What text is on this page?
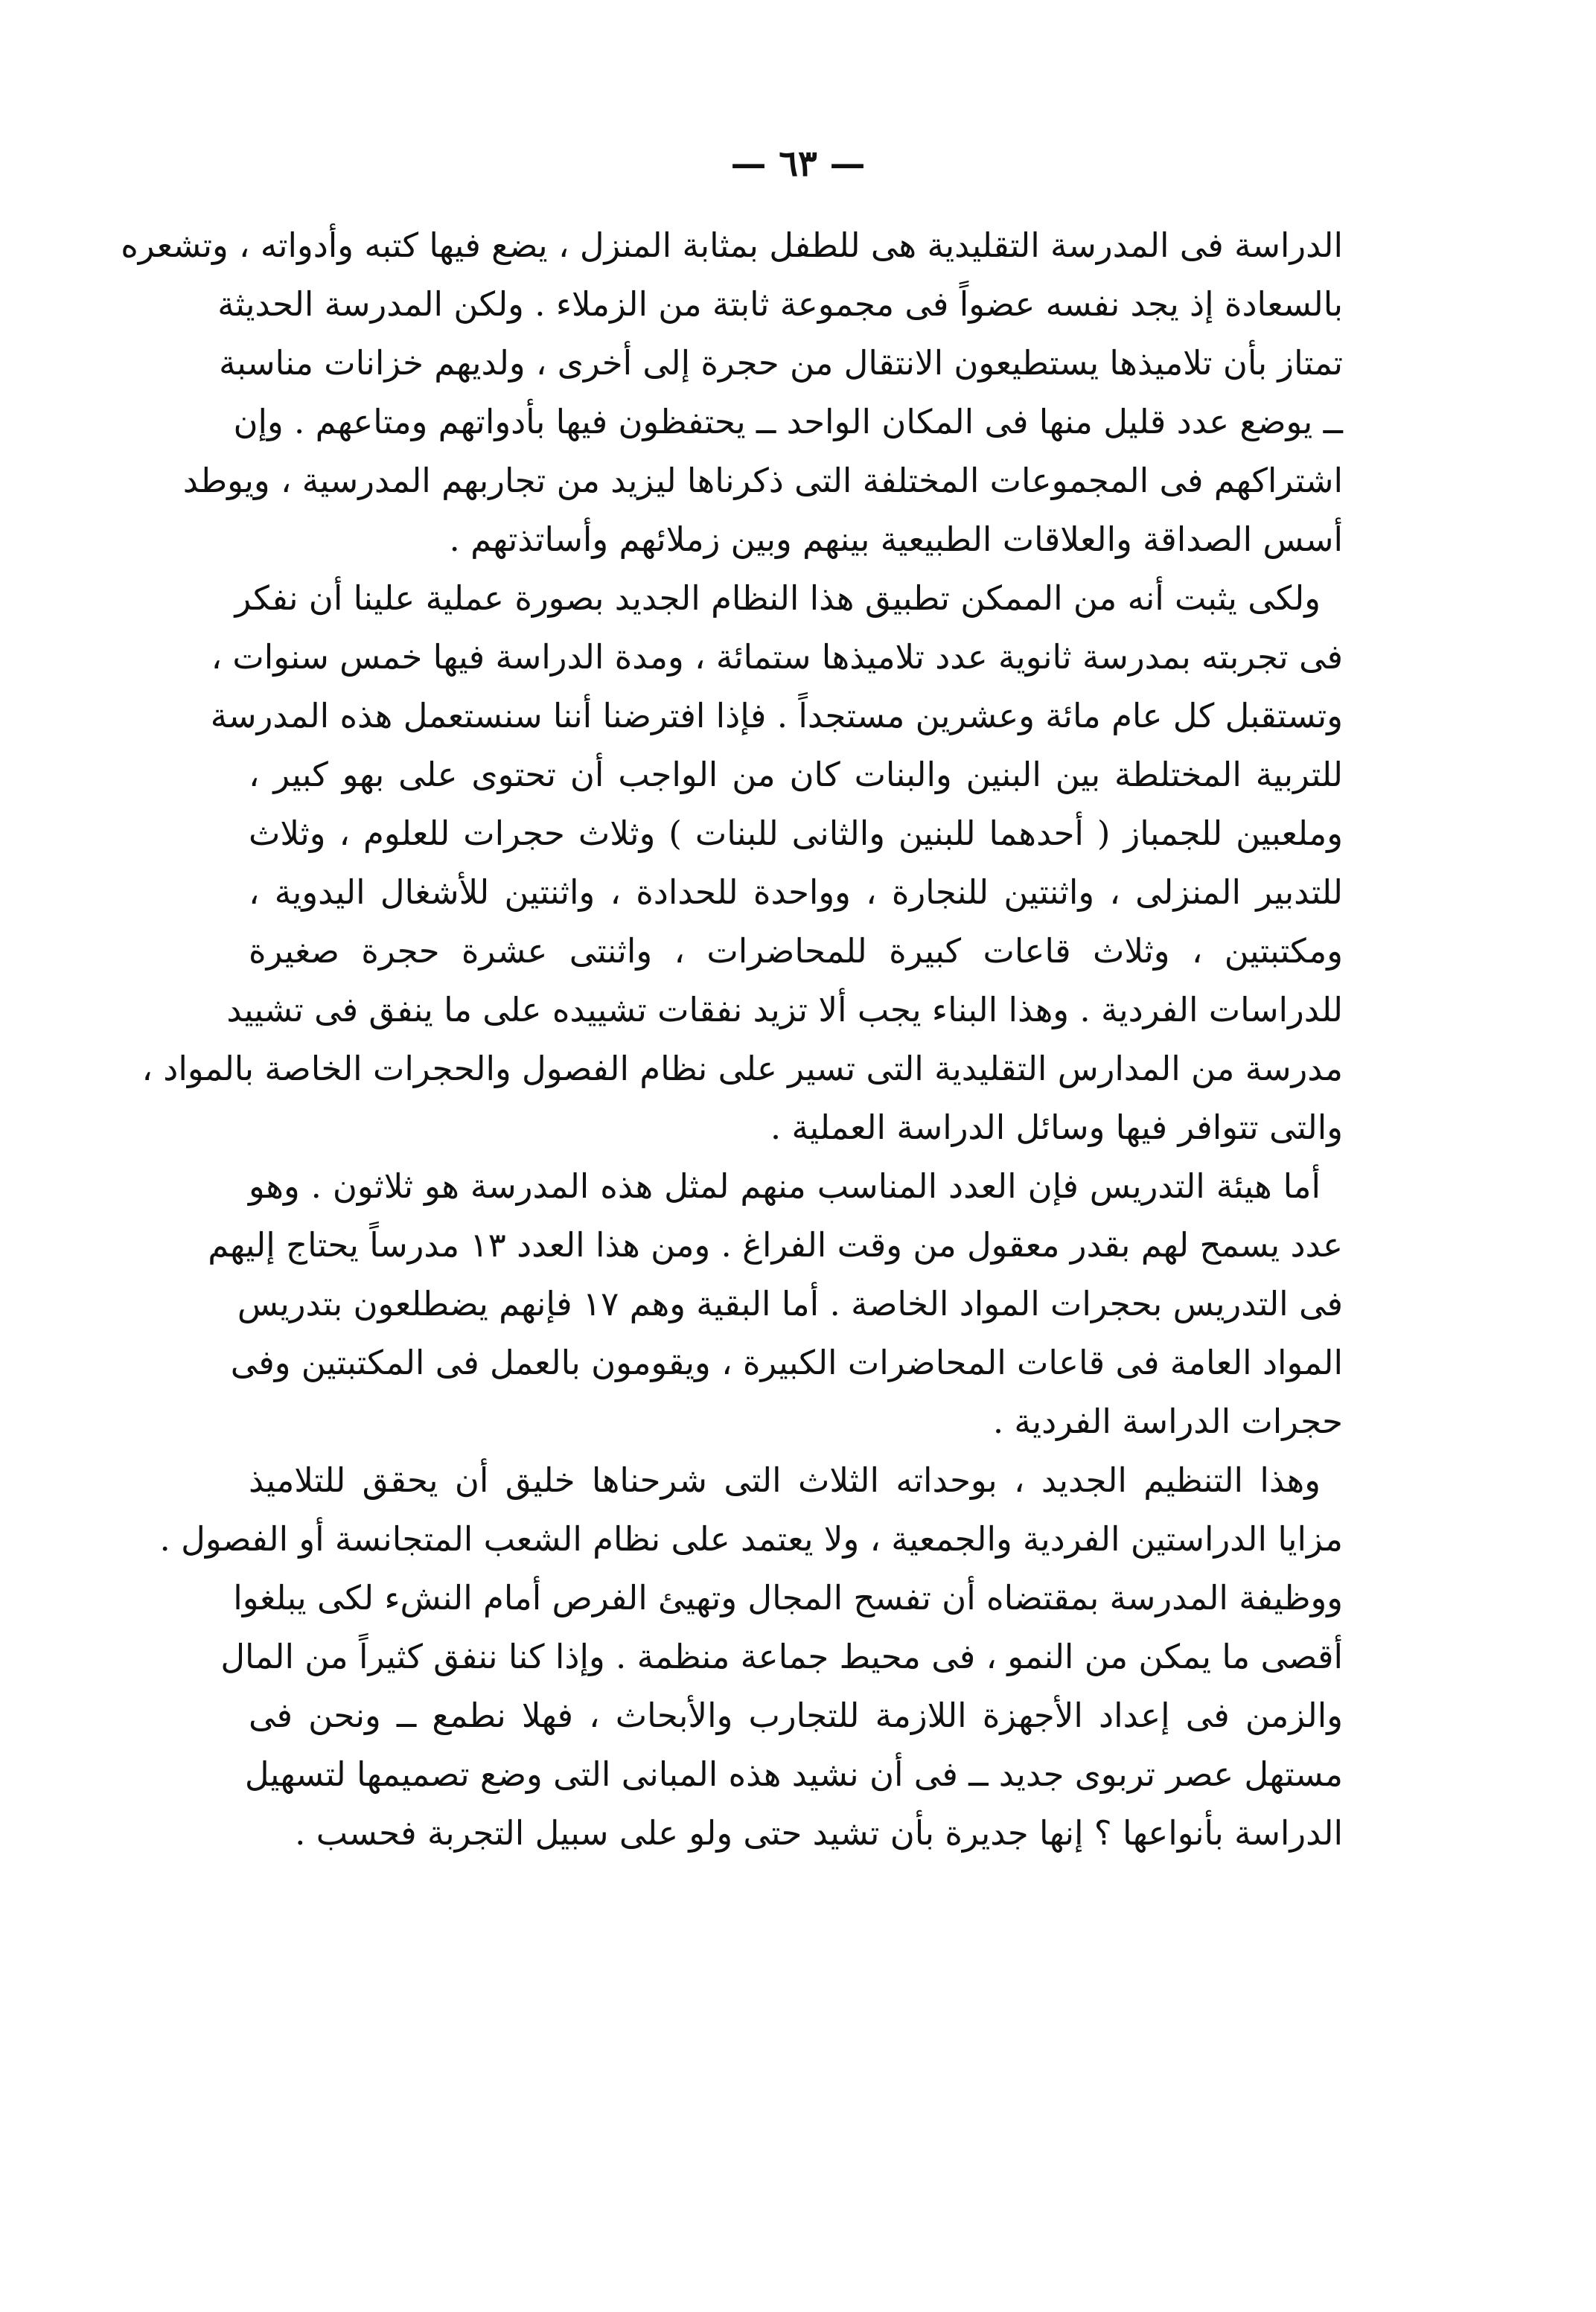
— ٦٣ —
الدراسة فى المدرسة التقليدية هى للطفل بمثابة المنزل ، يضع فيها كتبه وأدواته ، وتشعره
بالسعادة إذ يجد نفسه عضواً فى مجموعة ثابتة من الزملاء . ولكن المدرسة الحديثة
تمتاز بأن تلاميذها يستطيعون الانتقال من حجرة إلى أخرى ، ولديهم خزانات مناسبة
ــ يوضع عدد قليل منها فى المكان الواحد ــ يحتفظون فيها بأدواتهم ومتاعهم . وإن
اشتراكهم فى المجموعات المختلفة التى ذكرناها ليزيد من تجاربهم المدرسية ، ويوطد
أسس الصداقة والعلاقات الطبيعية بينهم وبين زملائهم وأساتذتهم .
ولكى يثبت أنه من الممكن تطبيق هذا النظام الجديد بصورة عملية علينا أن نفكر
فى تجربته بمدرسة ثانوية عدد تلاميذها ستمائة ، ومدة الدراسة فيها خمس سنوات ،
وتستقبل كل عام مائة وعشرين مستجداً . فإذا افترضنا أننا سنستعمل هذه المدرسة
للتربية المختلطة بين البنين والبنات كان من الواجب أن تحتوى على بهو كبير ،
وملعبين للجمباز ( أحدهما للبنين والثانى للبنات ) وثلاث حجرات للعلوم ، وثلاث
للتدبير المنزلى ، واثنتين للنجارة ، وواحدة للحدادة ، واثنتين للأشغال اليدوية ،
ومكتبتين ، وثلاث قاعات كبيرة للمحاضرات ، واثنتى عشرة حجرة صغيرة
للدراسات الفردية . وهذا البناء يجب ألا تزيد نفقات تشييده على ما ينفق فى تشييد
مدرسة من المدارس التقليدية التى تسير على نظام الفصول والحجرات الخاصة بالمواد ،
والتى تتوافر فيها وسائل الدراسة العملية .
أما هيئة التدريس فإن العدد المناسب منهم لمثل هذه المدرسة هو ثلاثون . وهو
عدد يسمح لهم بقدر معقول من وقت الفراغ . ومن هذا العدد ١٣ مدرساً يحتاج إليهم
فى التدريس بحجرات المواد الخاصة . أما البقية وهم ١٧ فإنهم يضطلعون بتدريس
المواد العامة فى قاعات المحاضرات الكبيرة ، ويقومون بالعمل فى المكتبتين وفى
حجرات الدراسة الفردية .
وهذا التنظيم الجديد ، بوحداته الثلاث التى شرحناها خليق أن يحقق للتلاميذ
مزايا الدراستين الفردية والجمعية ، ولا يعتمد على نظام الشعب المتجانسة أو الفصول .
ووظيفة المدرسة بمقتضاه أن تفسح المجال وتهيئ الفرص أمام النشء لكى يبلغوا
أقصى ما يمكن من النمو ، فى محيط جماعة منظمة . وإذا كنا ننفق كثيراً من المال
والزمن فى إعداد الأجهزة اللازمة للتجارب والأبحاث ، فهلا نطمع ــ ونحن فى
مستهل عصر تربوى جديد ــ فى أن نشيد هذه المبانى التى وضع تصميمها لتسهيل
الدراسة بأنواعها ؟ إنها جديرة بأن تشيد حتى ولو على سبيل التجربة فحسب .
